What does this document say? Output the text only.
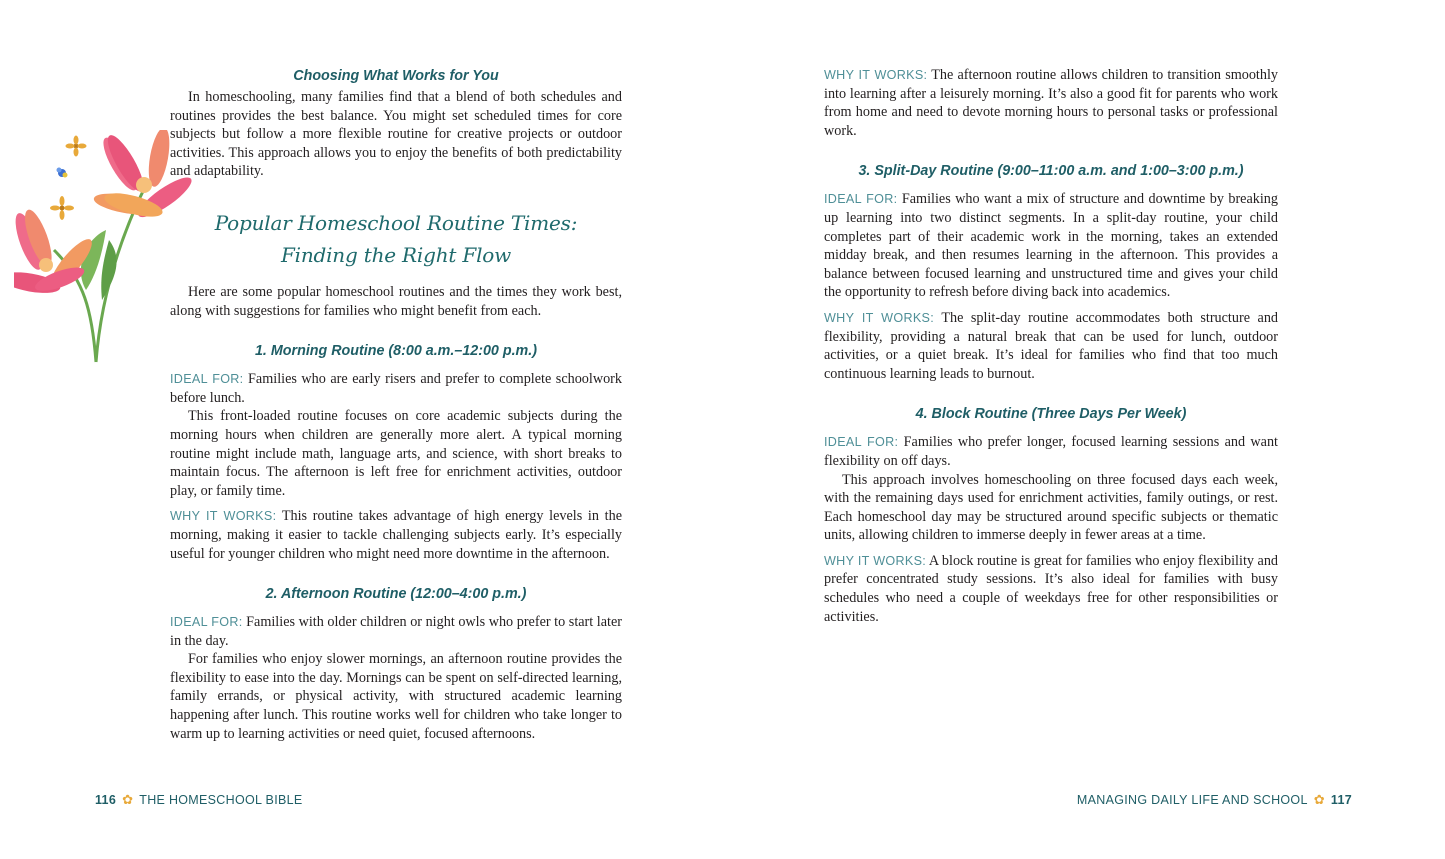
Choosing What Works for You

In homeschooling, many families find that a blend of both schedules and routines provides the best balance. You might set scheduled times for core subjects but follow a more flexible routine for creative projects or outdoor activities. This approach allows you to enjoy the benefits of both predictability and adaptability.

Popular Homeschool Routine Times:

Finding the Right Flow

Here are some popular homeschool routines and the times they work best, along with suggestions for families who might benefit from each.

1. Morning Routine (8:00 a.m.–12:00 p.m.)

IDEAL FOR: Families who are early risers and prefer to complete schoolwork before lunch.

This front-loaded routine focuses on core academic subjects during the morning hours when children are generally more alert. A typical morning routine might include math, language arts, and science, with short breaks to maintain focus. The afternoon is left free for enrichment activities, outdoor play, or family time.

WHY IT WORKS: This routine takes advantage of high energy levels in the morning, making it easier to tackle challenging subjects early. It’s especially useful for younger children who might need more downtime in the afternoon.

2. Afternoon Routine (12:00–4:00 p.m.)

IDEAL FOR: Families with older children or night owls who prefer to start later in the day.

For families who enjoy slower mornings, an afternoon routine provides the flexibility to ease into the day. Mornings can be spent on self-directed learning, family errands, or physical activity, with structured academic learning happening after lunch. This routine works well for children who take longer to warm up to learning activities or need quiet, focused afternoons.

116 ✿ THE HOMESCHOOL BIBLE

WHY IT WORKS: The afternoon routine allows children to transition smoothly into learning after a leisurely morning. It’s also a good fit for parents who work from home and need to devote morning hours to personal tasks or professional work.

3. Split-Day Routine (9:00–11:00 a.m. and 1:00–3:00 p.m.)

IDEAL FOR: Families who want a mix of structure and downtime by breaking up learning into two distinct segments. In a split-day routine, your child completes part of their academic work in the morning, takes an extended midday break, and then resumes learning in the afternoon. This provides a balance between focused learning and unstructured time and gives your child the opportunity to refresh before diving back into academics.

WHY IT WORKS: The split-day routine accommodates both structure and flexibility, providing a natural break that can be used for lunch, outdoor activities, or a quiet break. It’s ideal for families who find that too much continuous learning leads to burnout.

4. Block Routine (Three Days Per Week)

IDEAL FOR: Families who prefer longer, focused learning sessions and want flexibility on off days.

This approach involves homeschooling on three focused days each week, with the remaining days used for enrichment activities, family outings, or rest. Each homeschool day may be structured around specific subjects or thematic units, allowing children to immerse deeply in fewer areas at a time.

WHY IT WORKS: A block routine is great for families who enjoy flexibility and prefer concentrated study sessions. It’s also ideal for families with busy schedules who need a couple of weekdays free for other responsibilities or activities.

MANAGING DAILY LIFE AND SCHOOL ✿ 117
